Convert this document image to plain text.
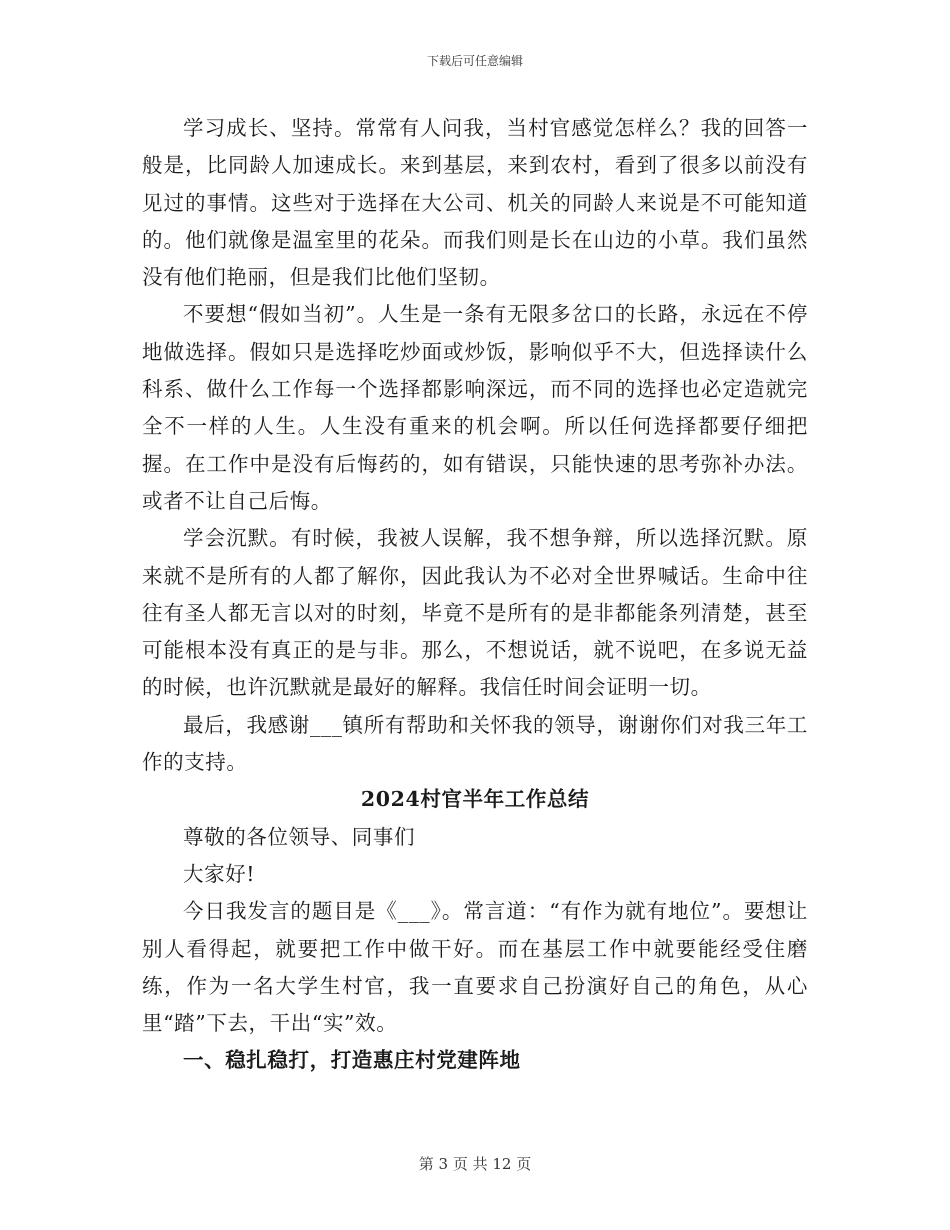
下载后可任意编辑

学习成长、坚持。常常有人问我，当村官感觉怎样么？我的回答一般是，比同龄人加速成长。来到基层，来到农村，看到了很多以前没有见过的事情。这些对于选择在大公司、机关的同龄人来说是不可能知道的。他们就像是温室里的花朵。而我们则是长在山边的小草。我们虽然没有他们艳丽，但是我们比他们坚韧。

不要想“假如当初”。人生是一条有无限多岔口的长路，永远在不停地做选择。假如只是选择吃炒面或炒饭，影响似乎不大，但选择读什么科系、做什么工作每一个选择都影响深远，而不同的选择也必定造就完全不一样的人生。人生没有重来的机会啊。所以任何选择都要仔细把握。在工作中是没有后悔药的，如有错误，只能快速的思考弥补办法。或者不让自己后悔。

学会沉默。有时候，我被人误解，我不想争辩，所以选择沉默。原来就不是所有的人都了解你，因此我认为不必对全世界喊话。生命中往往有圣人都无言以对的时刻，毕竟不是所有的是非都能条列清楚，甚至可能根本没有真正的是与非。那么，不想说话，就不说吧，在多说无益的时候，也许沉默就是最好的解释。我信任时间会证明一切。

最后，我感谢___镇所有帮助和关怀我的领导，谢谢你们对我三年工作的支持。

2024村官半年工作总结

尊敬的各位领导、同事们

大家好!

今日我发言的题目是《___》。常言道：“有作为就有地位”。要想让别人看得起，就要把工作中做干好。而在基层工作中就要能经受住磨练，作为一名大学生村官，我一直要求自己扮演好自己的角色，从心里“踏”下去，干出“实”效。

一、稳扎稳打，打造惠庄村党建阵地

第 3 页 共 12 页
